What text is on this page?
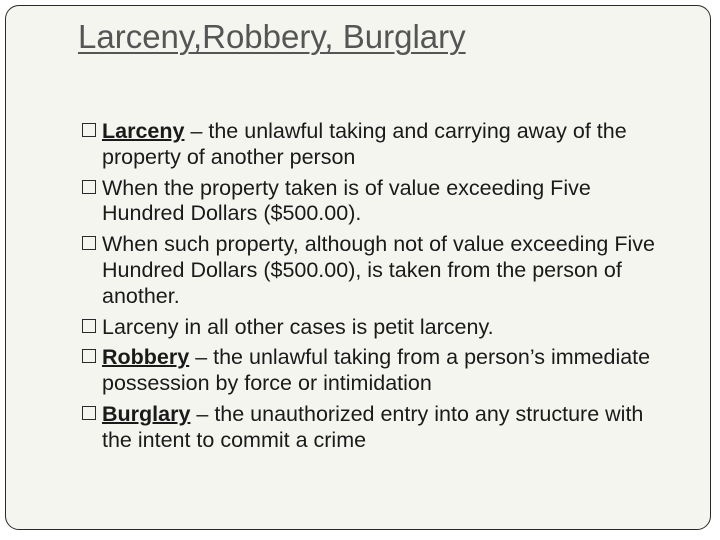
Larceny,Robbery, Burglary
Larceny – the unlawful taking and carrying away of the property of another person
When the property taken is of value exceeding Five Hundred Dollars ($500.00).
When such property, although not of value exceeding Five Hundred Dollars ($500.00), is taken from the person of another.
Larceny in all other cases is petit larceny.
Robbery – the unlawful taking from a person’s immediate possession by force or intimidation
Burglary – the unauthorized entry into any structure with the intent to commit a crime
